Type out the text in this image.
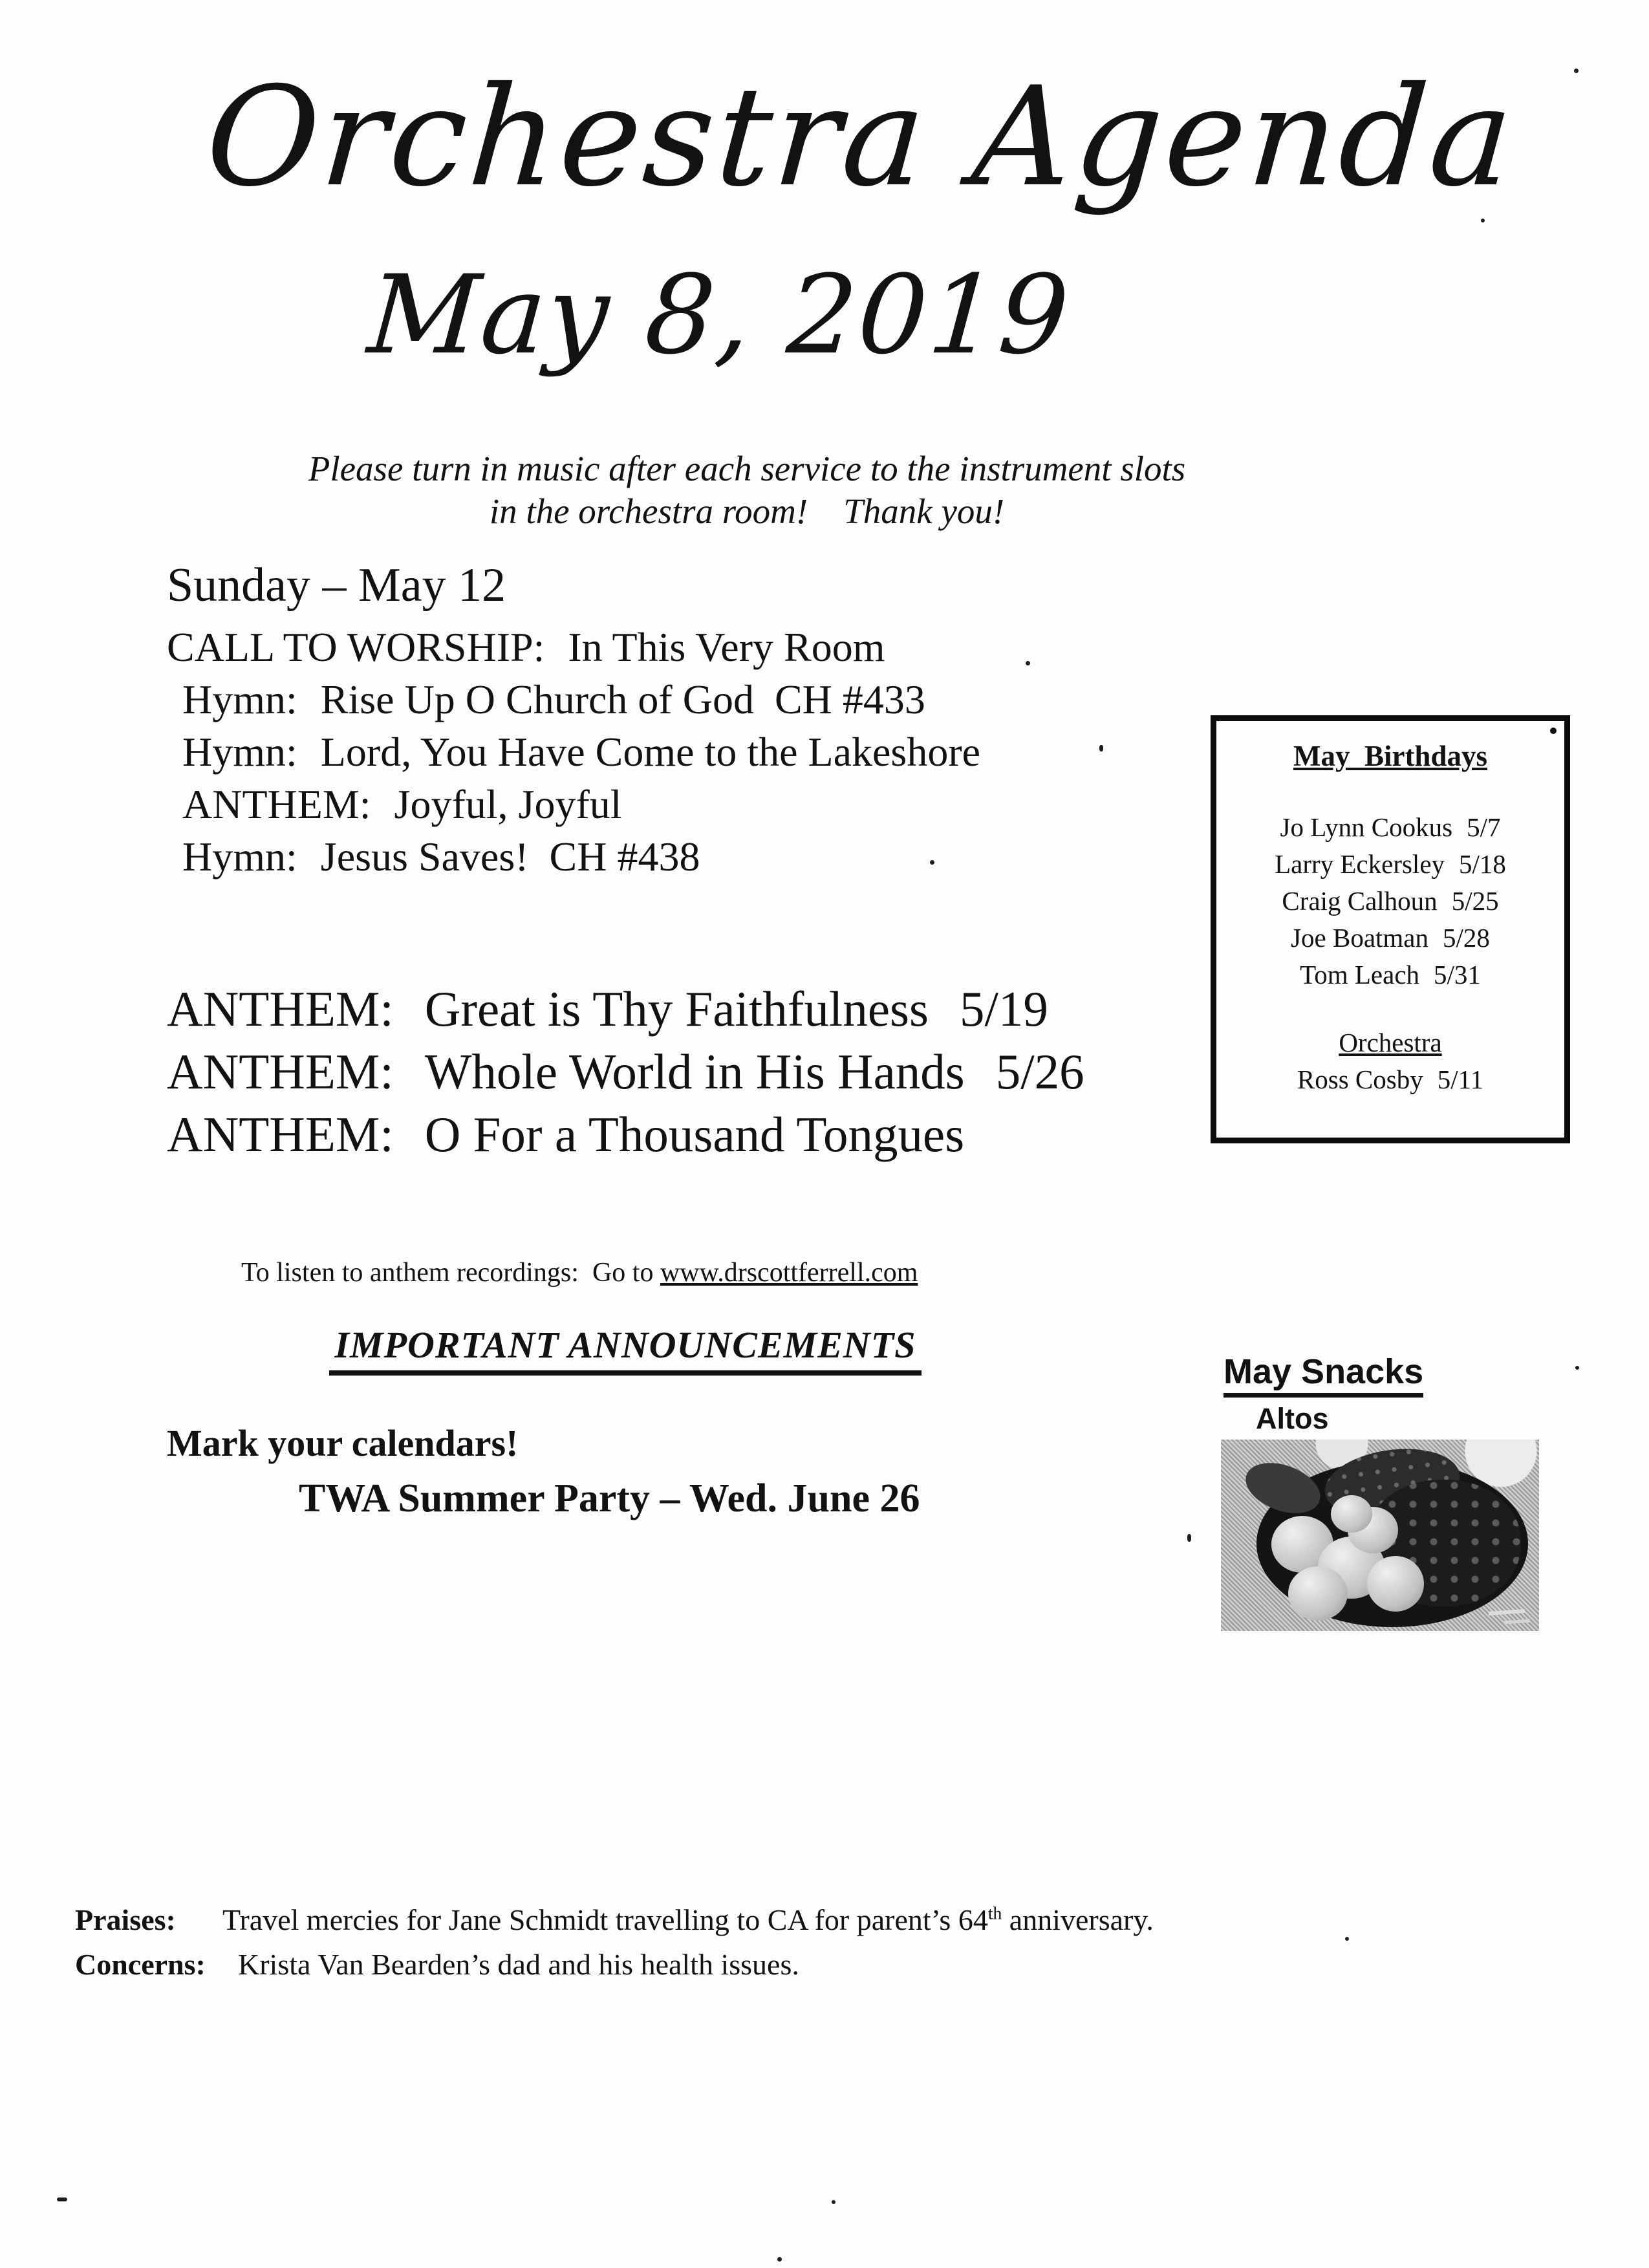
Orchestra Agenda
May 8, 2019
Please turn in music after each service to the instrument slots
in the orchestra room!    Thank you!
Sunday – May 12
CALL TO WORSHIP: In This Very Room
Hymn: Rise Up O Church of God  CH #433
Hymn: Lord, You Have Come to the Lakeshore
ANTHEM: Joyful, Joyful
Hymn: Jesus Saves!  CH #438
ANTHEM: Great is Thy Faithfulness 5/19
ANTHEM: Whole World in His Hands 5/26
ANTHEM: O For a Thousand Tongues
May  Birthdays
Jo Lynn Cookus 5/7
Larry Eckersley 5/18
Craig Calhoun 5/25
Joe Boatman 5/28
Tom Leach 5/31
Orchestra
Ross Cosby 5/11
To listen to anthem recordings:  Go to www.drscottferrell.com
IMPORTANT ANNOUNCEMENTS
Mark your calendars!
TWA Summer Party – Wed. June 26
May Snacks
Altos
Praises: Travel mercies for Jane Schmidt travelling to CA for parent’s 64th anniversary.
Concerns: Krista Van Bearden’s dad and his health issues.
